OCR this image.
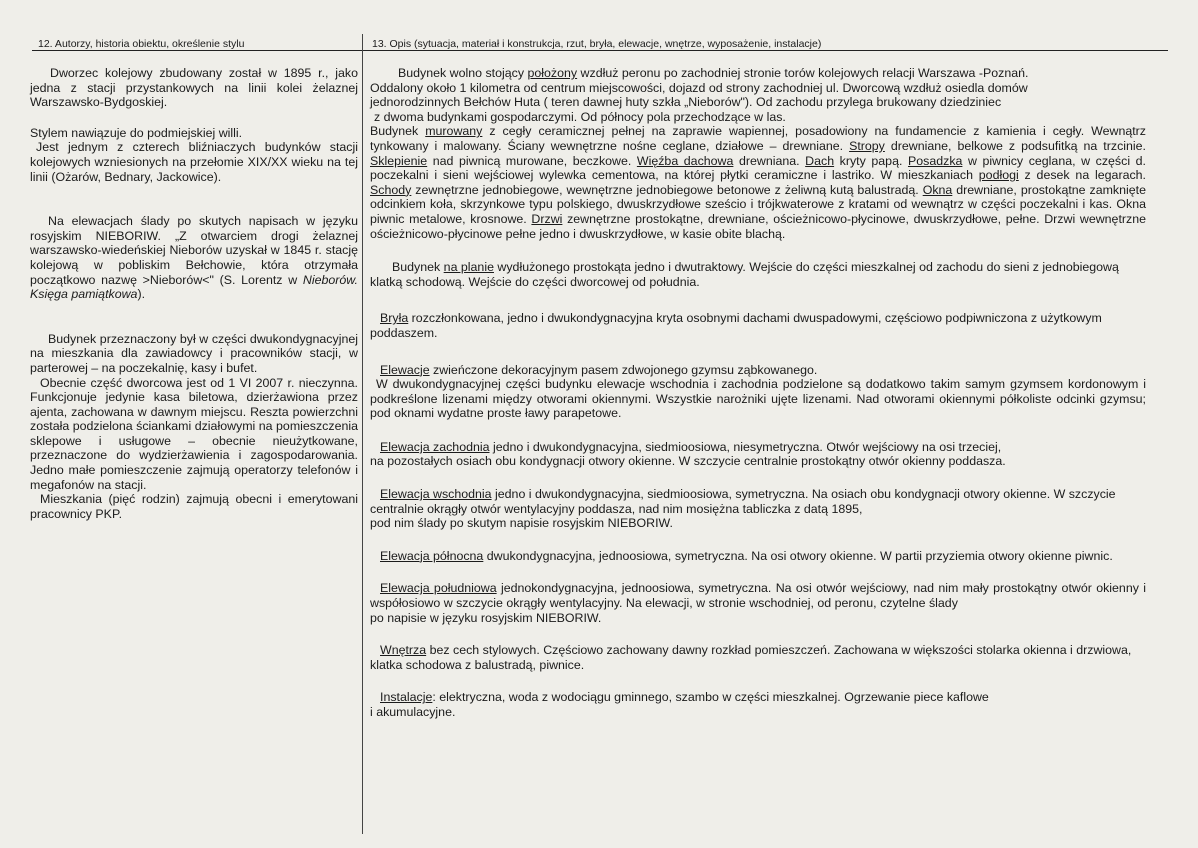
12. Autorzy, historia obiektu, określenie stylu	13. Opis (sytuacja, materiał i konstrukcja, rzut, bryła, elewacje, wnętrze, wyposażenie, instalacje)

Dworzec kolejowy zbudowany został w 1895 r., jako jedna z stacji przystankowych na linii kolei żelaznej Warszawsko-Bydgoskiej.

Stylem nawiązuje do podmiejskiej willi.

Jest jednym z czterech bliźniaczych budynków stacji kolejowych wzniesionych na przełomie XIX/XX wieku na tej linii (Ożarów, Bednary, Jackowice).

Na elewacjach ślady po skutych napisach w języku rosyjskim NIEBORIW. „Z otwarciem drogi żelaznej warszawsko-wiedeńskiej Nieborów uzyskał w 1845 r. stację kolejową w pobliskim Bełchowie, która otrzymała początkowo nazwę >Nieborów<" (S. Lorentz w Nieborów. Księga pamiątkowa).

Budynek przeznaczony był w części dwukondygnacyjnej na mieszkania dla zawiadowcy i pracowników stacji, w parterowej – na poczekalnię, kasy i bufet.

Obecnie część dworcowa jest od 1 VI 2007 r. nieczynna. Funkcjonuje jedynie kasa biletowa, dzierżawiona przez ajenta, zachowana w dawnym miejscu. Reszta powierzchni została podzielona ściankami działowymi na pomieszczenia sklepowe i usługowe – obecnie nieużytkowane, przeznaczone do wydzierżawienia i zagospodarowania. Jedno małe pomieszczenie zajmują operatorzy telefonów i megafonów na stacji.

Mieszkania (pięć rodzin) zajmują obecni i emerytowani pracownicy PKP.

Budynek wolno stojący położony wzdłuż peronu po zachodniej stronie torów kolejowych relacji Warszawa -Poznań.

Oddalony około 1 kilometra od centrum miejscowości, dojazd od strony zachodniej ul. Dworcową wzdłuż osiedla domów

jednorodzinnych Bełchów Huta ( teren dawnej huty szkła „Nieborów"). Od zachodu przylega brukowany dziedziniec

z dwoma budynkami gospodarczymi. Od północy pola przechodzące w las.

Budynek murowany z cegły ceramicznej pełnej na zaprawie wapiennej, posadowiony na fundamencie z kamienia i cegły. Wewnątrz tynkowany i malowany. Ściany wewnętrzne nośne ceglane, działowe – drewniane. Stropy drewniane, belkowe z podsufitką na trzcinie. Sklepienie nad piwnicą murowane, beczkowe. Więźba dachowa drewniana. Dach kryty papą. Posadzka w piwnicy ceglana, w części d. poczekalni i sieni wejściowej wylewka cementowa, na której płytki ceramiczne i lastriko. W mieszkaniach podłogi z desek na legarach. Schody zewnętrzne jednobiegowe, wewnętrzne jednobiegowe betonowe z żeliwną kutą balustradą. Okna drewniane, prostokątne zamknięte odcinkiem koła, skrzynkowe typu polskiego, dwuskrzydłowe sześcio i trójkwaterowe z kratami od wewnątrz w części poczekalni i kas. Okna piwnic metalowe, krosnowe. Drzwi zewnętrzne prostokątne, drewniane, ościeżnicowo-płycinowe, dwuskrzydłowe, pełne. Drzwi wewnętrzne ościeżnicowo-płycinowe pełne jedno i dwuskrzydłowe, w kasie obite blachą.

Budynek na planie wydłużonego prostokąta jedno i dwutraktowy. Wejście do części mieszkalnej od zachodu do sieni z jednobiegową klatką schodową. Wejście do części dworcowej od południa.

Bryła rozczłonkowana, jedno i dwukondygnacyjna kryta osobnymi dachami dwuspadowymi, częściowo podpiwniczona z użytkowym poddaszem.

Elewacje zwieńczone dekoracyjnym pasem zdwojonego gzymsu ząbkowanego.

W dwukondygnacyjnej części budynku elewacje wschodnia i zachodnia podzielone są dodatkowo takim samym gzymsem kordonowym i podkreślone lizenami między otworami okiennymi. Wszystkie narożniki ujęte lizenami. Nad otworami okiennymi półkoliste odcinki gzymsu; pod oknami wydatne proste ławy parapetowe.

Elewacja zachodnia jedno i dwukondygnacyjna, siedmioosiowa, niesymetryczna. Otwór wejściowy na osi trzeciej,

na pozostałych osiach obu kondygnacji otwory okienne. W szczycie centralnie prostokątny otwór okienny poddasza.

Elewacja wschodnia jedno i dwukondygnacyjna, siedmioosiowa, symetryczna. Na osiach obu kondygnacji otwory okienne. W szczycie centralnie okrągły otwór wentylacyjny poddasza, nad nim mosiężna tabliczka z datą 1895,

pod nim ślady po skutym napisie rosyjskim NIEBORIW.

Elewacja północna dwukondygnacyjna, jednoosiowa, symetryczna. Na osi otwory okienne. W partii przyziemia otwory okienne piwnic.

Elewacja południowa jednokondygnacyjna, jednoosiowa, symetryczna. Na osi otwór wejściowy, nad nim mały prostokątny otwór okienny i współosiowo w szczycie okrągły wentylacyjny. Na elewacji, w stronie wschodniej, od peronu, czytelne ślady

po napisie w języku rosyjskim NIEBORIW.

Wnętrza bez cech stylowych. Częściowo zachowany dawny rozkład pomieszczeń. Zachowana w większości stolarka okienna i drzwiowa, klatka schodowa z balustradą, piwnice.

Instalacje: elektryczna, woda z wodociągu gminnego, szambo w części mieszkalnej. Ogrzewanie piece kaflowe

i akumulacyjne.
